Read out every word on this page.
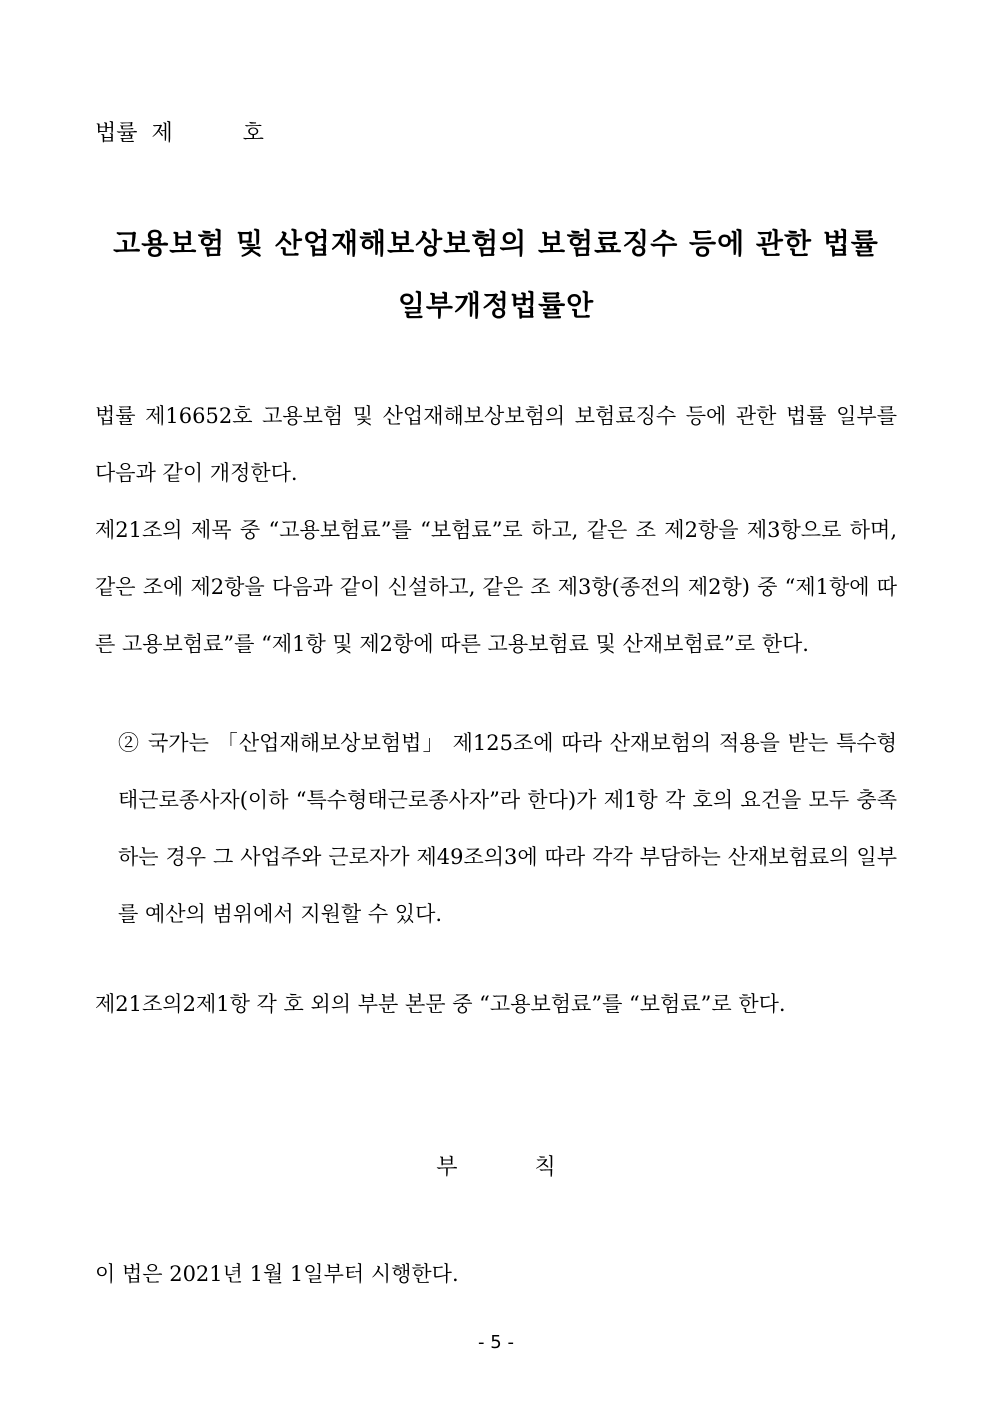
법률  제          호
고용보험 및 산업재해보상보험의 보험료징수 등에 관한 법률
일부개정법률안
법률 제16652호 고용보험 및 산업재해보상보험의 보험료징수 등에 관한 법률 일부를 다음과 같이 개정한다.
제21조의 제목 중 “고용보험료”를 “보험료”로 하고, 같은 조 제2항을 제3항으로 하며, 같은 조에 제2항을 다음과 같이 신설하고, 같은 조 제3항(종전의 제2항) 중 “제1항에 따른 고용보험료”를 “제1항 및 제2항에 따른 고용보험료 및 산재보험료”로 한다.
② 국가는 「산업재해보상보험법」 제125조에 따라 산재보험의 적용을 받는 특수형태근로종사자(이하 “특수형태근로종사자”라 한다)가 제1항 각 호의 요건을 모두 충족하는 경우 그 사업주와 근로자가 제49조의3에 따라 각각 부담하는 산재보험료의 일부를 예산의 범위에서 지원할 수 있다.
제21조의2제1항 각 호 외의 부분 본문 중 “고용보험료”를 “보험료”로 한다.
부 칙
이 법은 2021년 1월 1일부터 시행한다.
- 5 -
